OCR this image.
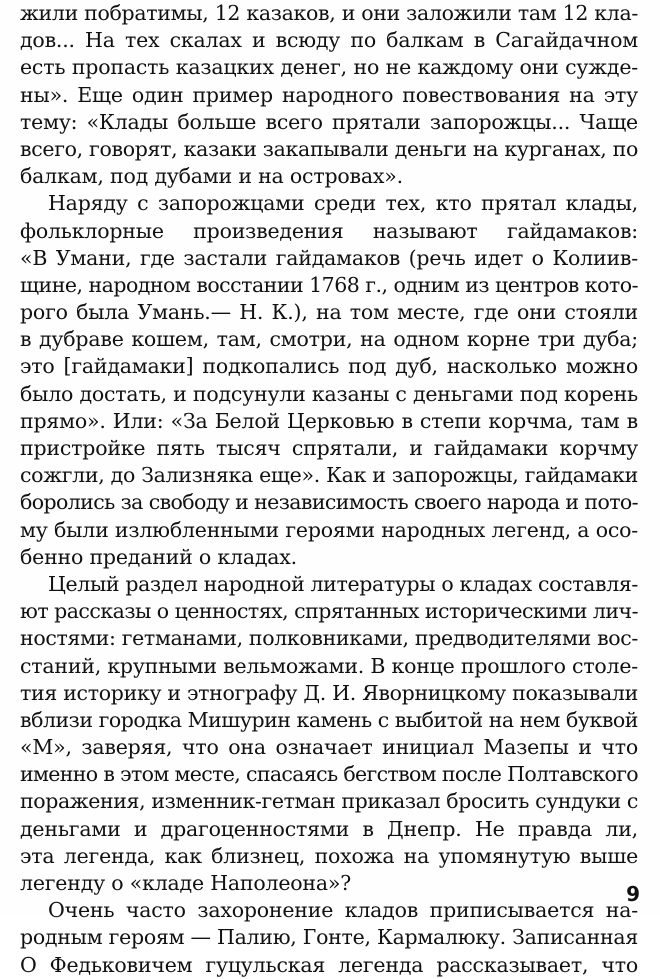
жили побратимы, 12 казаков, и они заложили там 12 кла-
дов... На тех скалах и всюду по балкам в Сагайдачном
есть пропасть казацких денег, но не каждому они сужде-
ны». Еще один пример народного повествования на эту
тему: «Клады больше всего прятали запорожцы... Чаще
всего, говорят, казаки закапывали деньги на курганах, по
балкам, под дубами и на островах».
Наряду с запорожцами среди тех, кто прятал клады,
фольклорные произведения называют гайдамаков:
«В Умани, где застали гайдамаков (речь идет о Колиив-
щине, народном восстании 1768 г., одним из центров кото-
рого была Умань.— Н. К.), на том месте, где они стояли
в дубраве кошем, там, смотри, на одном корне три дуба;
это [гайдамаки] подкопались под дуб, насколько можно
было достать, и подсунули казаны с деньгами под корень
прямо». Или: «За Белой Церковью в степи корчма, там в
пристройке пять тысяч спрятали, и гайдамаки корчму
сожгли, до Зализняка еще». Как и запорожцы, гайдамаки
боролись за свободу и независимость своего народа и пото-
му были излюбленными героями народных легенд, а осо-
бенно преданий о кладах.
Целый раздел народной литературы о кладах составля-
ют рассказы о ценностях, спрятанных историческими лич-
ностями: гетманами, полковниками, предводителями вос-
станий, крупными вельможами. В конце прошлого столе-
тия историку и этнографу Д. И. Яворницкому показывали
вблизи городка Мишурин камень с выбитой на нем буквой
«М», заверяя, что она означает инициал Мазепы и что
именно в этом месте, спасаясь бегством после Полтавского
поражения, изменник-гетман приказал бросить сундуки с
деньгами и драгоценностями в Днепр. Не правда ли,
эта легенда, как близнец, похожа на упомянутую выше
легенду о «кладе Наполеона»?
Очень часто захоронение кладов приписывается на-
родным героям — Палию, Гонте, Кармалюку. Записанная
О Федьковичем гуцульская легенда рассказывает, что
9
